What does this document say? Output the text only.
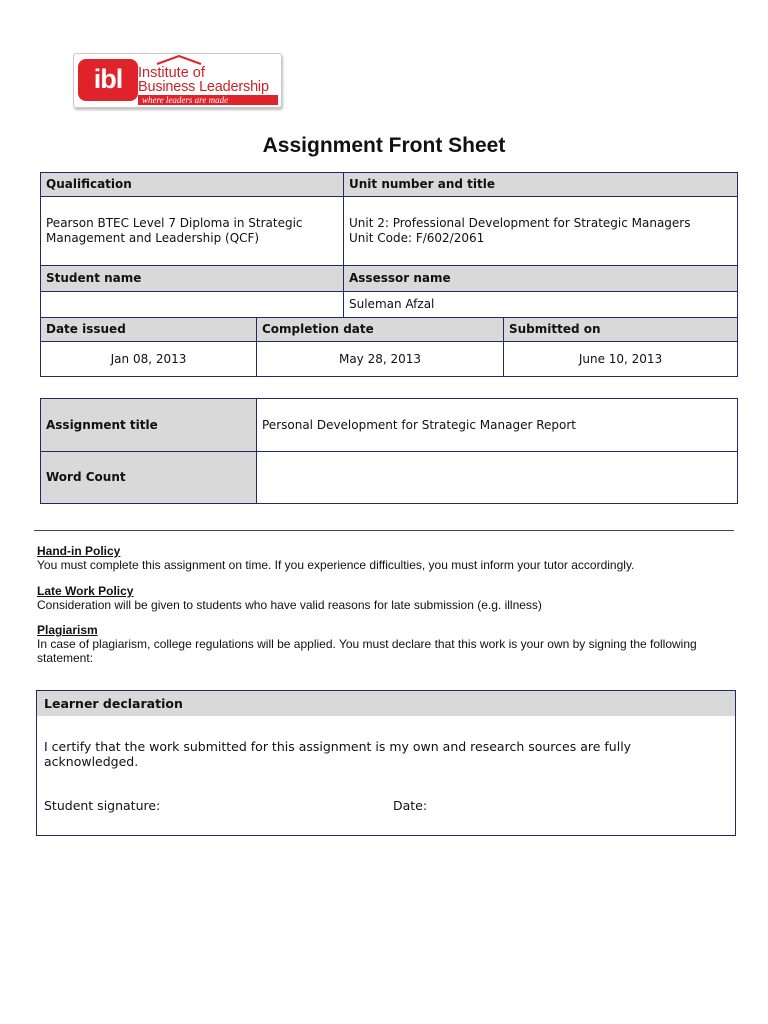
ibl	Institute of
Business Leadership
where leaders are made
Assignment Front Sheet
Qualification		Unit number and title	
Pearson BTEC Level 7 Diploma in Strategic Management and Leadership (QCF)		Unit 2: Professional Development for Strategic Managers
Unit Code: F/602/2061	

Student name		Assessor name	
		Suleman Afzal	
Date issued	Completion date		Submitted on
Jan 08, 2013	May 28, 2013		June 10, 2013
Assignment title	Personal Development for Strategic Manager Report
Word Count	
Hand-in Policy
You must complete this assignment on time. If you experience difficulties, you must inform your tutor accordingly.
Late Work Policy
Consideration will be given to students who have valid reasons for late submission (e.g. illness)
Plagiarism
In case of plagiarism, college regulations will be applied. You must declare that this work is your own by signing the following statement:
Learner declaration
I certify that the work submitted for this assignment is my own and research sources are fully acknowledged.
Student signature:	Date:
